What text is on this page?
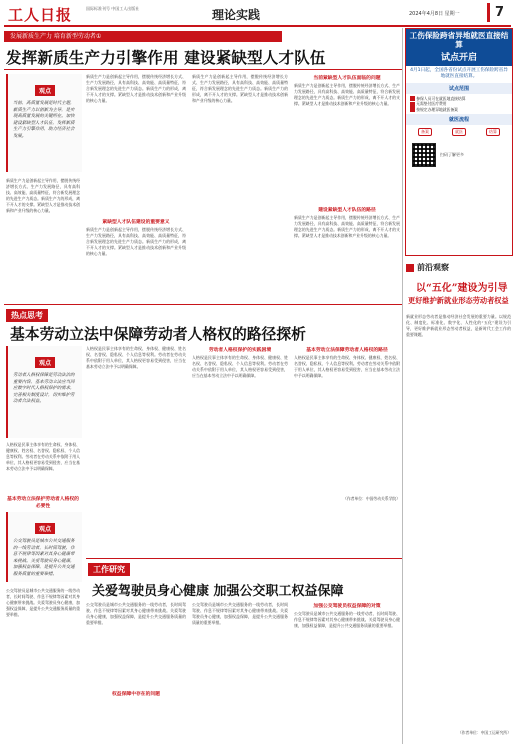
工人日报	国际标准刊号 中国工人出版社	理论实践	2024年4月8日 星期一	7
发展新质生产力 培育新型劳动者①
发挥新质生产力引擎作用 建设紧缺型人才队伍
观点
当前，高质量发展是时代主题，新质生产力以创新为主导，是实现高质量发展的关键所在。加快建设紧缺型人才队伍，发挥新质生产力引擎作用，助力经济社会发展。
新质生产力是创新起主导作用，摆脱传统经济增长方式、生产力发展路径，具有高科技、高效能、高质量特征，符合新发展理念的先进生产力质态。新质生产力的形成，离不开人才的支撑。紧缺型人才是推动技术创新和产业升级的核心力量。
新质生产力是创新起主导作用，摆脱传统经济增长方式、生产力发展路径，具有高科技、高效能、高质量特征，符合新发展理念的先进生产力质态。新质生产力的形成，离不开人才的支撑。紧缺型人才是推动技术创新和产业升级的核心力量。
紧缺型人才队伍建设的重要意义
新质生产力是创新起主导作用，摆脱传统经济增长方式、生产力发展路径，具有高科技、高效能、高质量特征，符合新发展理念的先进生产力质态。新质生产力的形成，离不开人才的支撑。紧缺型人才是推动技术创新和产业升级的核心力量。
新质生产力是创新起主导作用，摆脱传统经济增长方式、生产力发展路径，具有高科技、高效能、高质量特征，符合新发展理念的先进生产力质态。新质生产力的形成，离不开人才的支撑。紧缺型人才是推动技术创新和产业升级的核心力量。
当前紧缺型人才队伍面临的问题
新质生产力是创新起主导作用，摆脱传统经济增长方式、生产力发展路径，具有高科技、高效能、高质量特征，符合新发展理念的先进生产力质态。新质生产力的形成，离不开人才的支撑。紧缺型人才是推动技术创新和产业升级的核心力量。
建设紧缺型人才队伍的路径
新质生产力是创新起主导作用，摆脱传统经济增长方式、生产力发展路径，具有高科技、高效能、高质量特征，符合新发展理念的先进生产力质态。新质生产力的形成，离不开人才的支撑。紧缺型人才是推动技术创新和产业升级的核心力量。
工伤保险跨省异地就医直接结算
试点开启
4月1日起，全国各省份试点开展工伤保险跨省异地就医直接结算。
试点范围
参保人员可在就医地直接结算
无需垫付医疗费用
按规定办理异地就医备案
就医流程
备案	就医	结算
扫码了解更多
热点思考
基本劳动立法中保障劳动者人格权的路径探析
观点
劳动者人格权保障是劳动法治的重要内容，基本劳动立法应当回应数字时代人格权保护的需求，完善相关制度设计，切实维护劳动者合法权益。
人格权是民事主体享有的生命权、身体权、健康权、姓名权、名誉权、隐私权、个人信息等权利。劳动者在劳动关系中依附于用人单位，其人格权更容易受到侵害，应当在基本劳动立法中予以明确保障。
基本劳动立法保护劳动者人格权的必要性
人格权是民事主体享有的生命权、身体权、健康权、姓名权、名誉权、隐私权、个人信息等权利。劳动者在劳动关系中依附于用人单位，其人格权更容易受到侵害，应当在基本劳动立法中予以明确保障。
劳动者人格权保护的实践困境
人格权是民事主体享有的生命权、身体权、健康权、姓名权、名誉权、隐私权、个人信息等权利。劳动者在劳动关系中依附于用人单位，其人格权更容易受到侵害，应当在基本劳动立法中予以明确保障。
基本劳动立法保障劳动者人格权的路径
人格权是民事主体享有的生命权、身体权、健康权、姓名权、名誉权、隐私权、个人信息等权利。劳动者在劳动关系中依附于用人单位，其人格权更容易受到侵害，应当在基本劳动立法中予以明确保障。
（作者单位：中国劳动关系学院）
观点
公交驾驶员是城市公共交通服务的一线劳动者，长时间驾驶、作息不规律等因素对其身心健康带来挑战。关爱驾驶员身心健康，加强权益保障，是提升公共交通服务质量的重要举措。
公交驾驶员是城市公共交通服务的一线劳动者，长时间驾驶、作息不规律等因素对其身心健康带来挑战。关爱驾驶员身心健康，加强权益保障，是提升公共交通服务质量的重要举措。
工作研究
关爱驾驶员身心健康 加强公交职工权益保障
公交驾驶员是城市公共交通服务的一线劳动者，长时间驾驶、作息不规律等因素对其身心健康带来挑战。关爱驾驶员身心健康，加强权益保障，是提升公共交通服务质量的重要举措。
权益保障中存在的问题
公交驾驶员是城市公共交通服务的一线劳动者，长时间驾驶、作息不规律等因素对其身心健康带来挑战。关爱驾驶员身心健康，加强权益保障，是提升公共交通服务质量的重要举措。
加强公交驾驶员权益保障的对策
公交驾驶员是城市公共交通服务的一线劳动者，长时间驾驶、作息不规律等因素对其身心健康带来挑战。关爱驾驶员身心健康，加强权益保障，是提升公共交通服务质量的重要举措。
前沿观察
以“五化”建设为引导
更好维护新就业形态劳动者权益
新就业形态劳动者是推动经济社会发展的重要力量。以规范化、制度化、标准化、数字化、人性化的“五化”建设为引导，更好维护新就业形态劳动者权益，是新时代工会工作的重要课题。
（作者单位：中国工运研究所）
